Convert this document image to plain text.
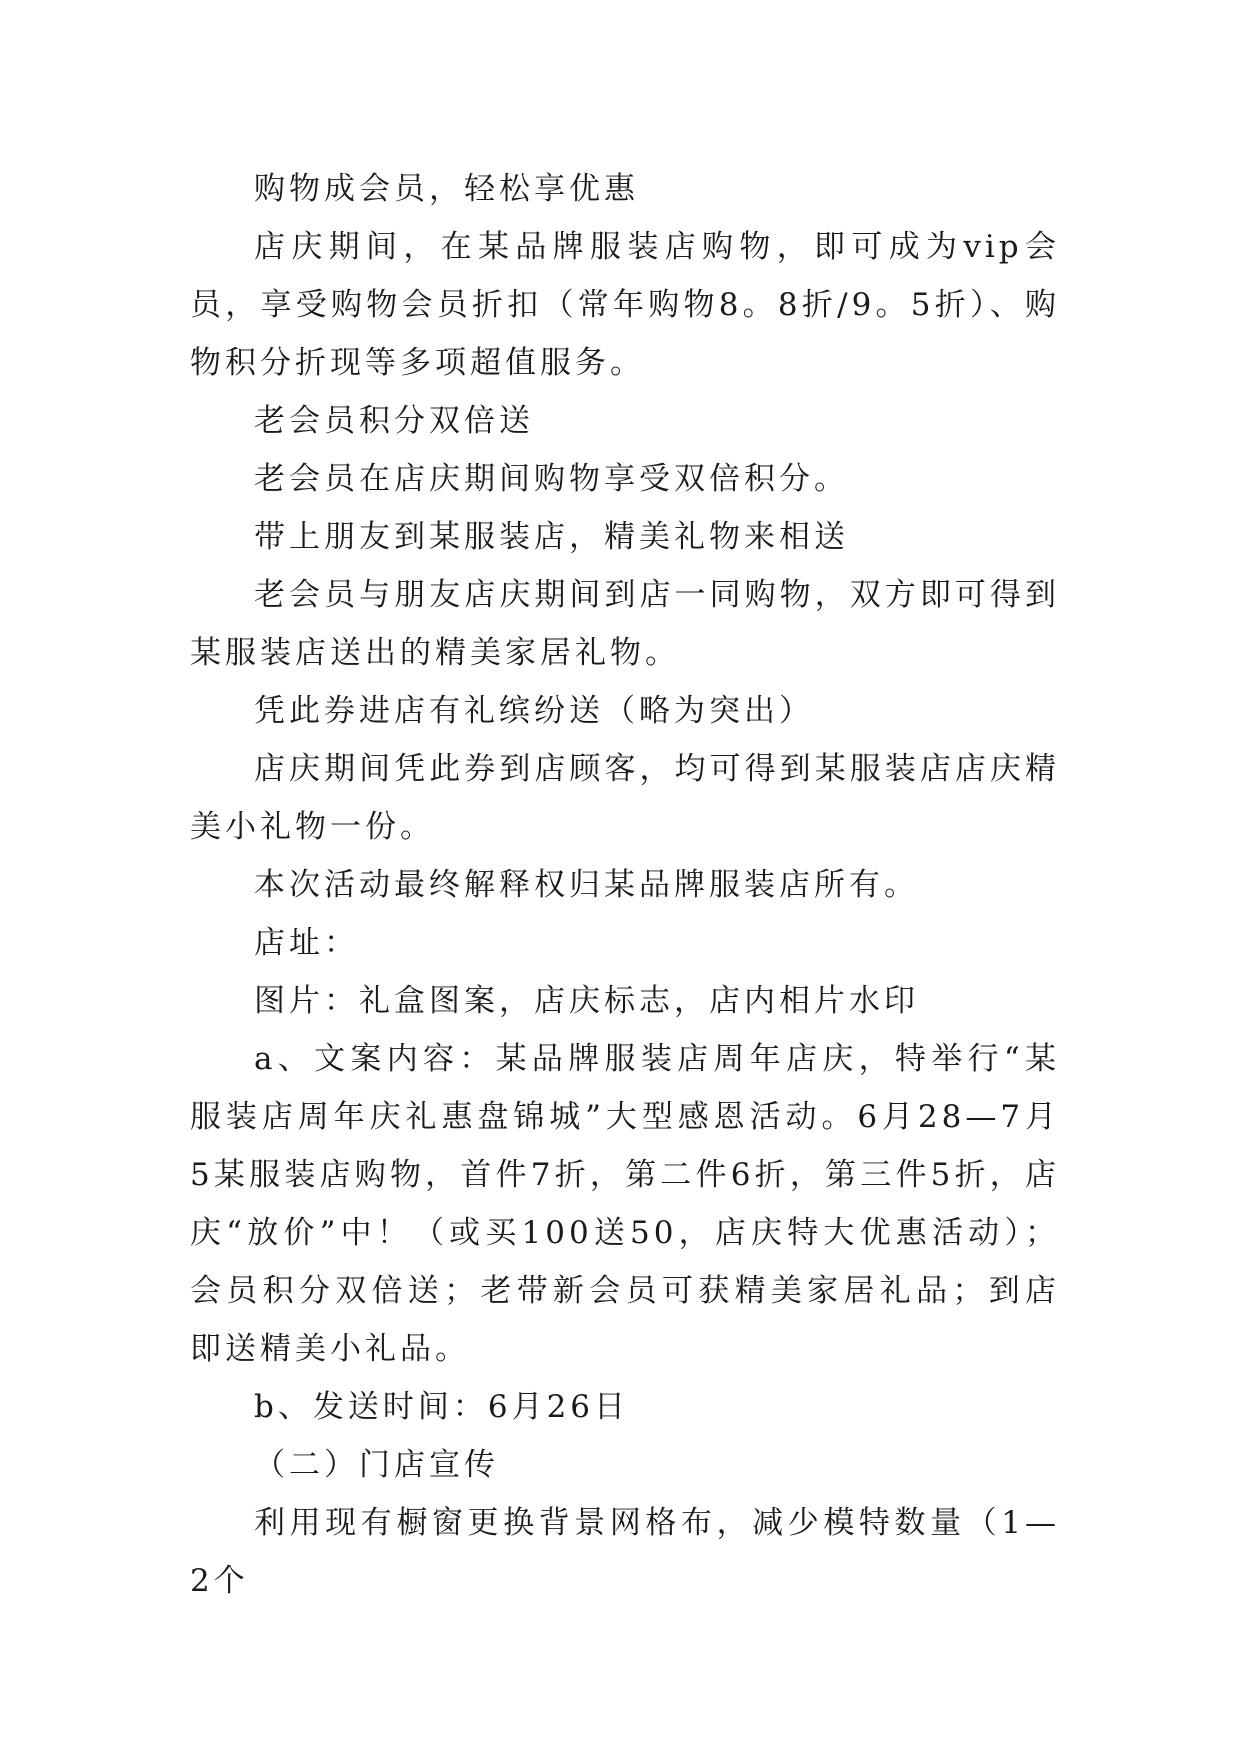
购物成会员，轻松享优惠

店庆期间，在某品牌服装店购物，即可成为vip会员，享受购物会员折扣（常年购物8。8折/9。5折）、购物积分折现等多项超值服务。

老会员积分双倍送

老会员在店庆期间购物享受双倍积分。

带上朋友到某服装店，精美礼物来相送

老会员与朋友店庆期间到店一同购物，双方即可得到某服装店送出的精美家居礼物。

凭此券进店有礼缤纷送（略为突出）

店庆期间凭此券到店顾客，均可得到某服装店店庆精美小礼物一份。

本次活动最终解释权归某品牌服装店所有。

店址：

图片：礼盒图案，店庆标志，店内相片水印

a、文案内容：某品牌服装店周年店庆，特举行“某服装店周年庆礼惠盘锦城”大型感恩活动。6月28—7月5某服装店购物，首件7折，第二件6折，第三件5折，店庆“放价”中！（或买100送50，店庆特大优惠活动）；会员积分双倍送；老带新会员可获精美家居礼品；到店即送精美小礼品。

b、发送时间：6月26日

（二）门店宣传

利用现有橱窗更换背景网格布，减少模特数量（1—2个
